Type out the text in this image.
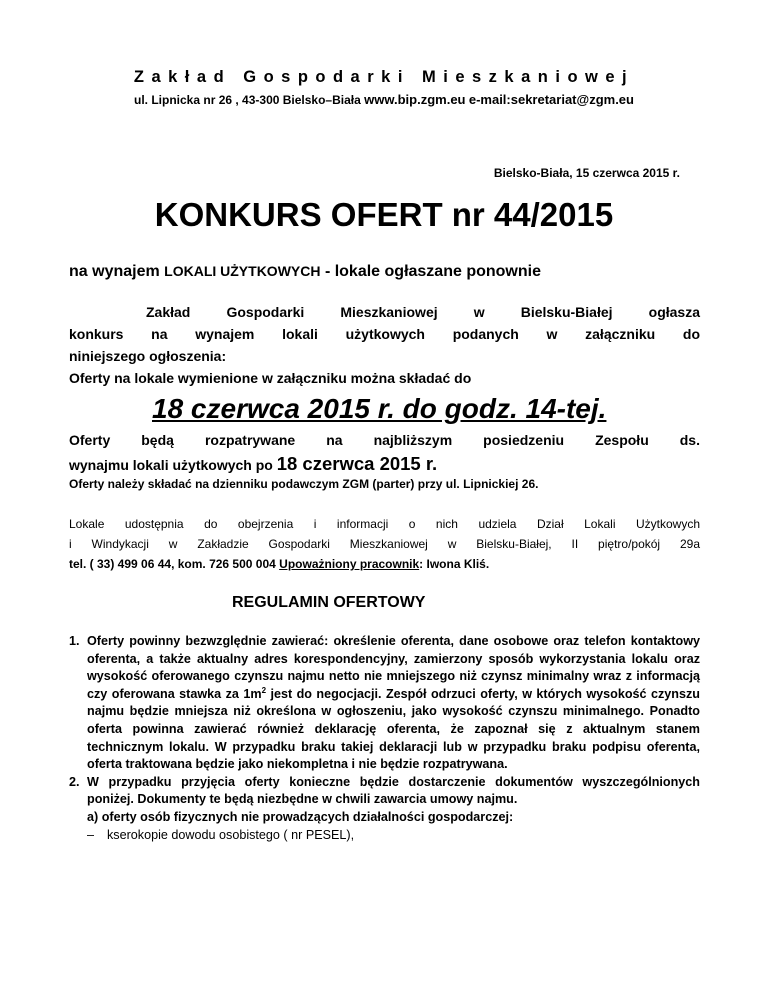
Zakład Gospodarki Mieszkaniowej
ul. Lipnicka nr 26 , 43-300 Bielsko–Biała www.bip.zgm.eu e-mail:sekretariat@zgm.eu
Bielsko-Biała, 15 czerwca 2015 r.
KONKURS OFERT nr 44/2015
na wynajem LOKALI UŻYTKOWYCH - lokale ogłaszane ponownie

Zakład Gospodarki Mieszkaniowej w Bielsku-Białej ogłasza

konkurs na wynajem lokali użytkowych podanych w załączniku do

niniejszego ogłoszenia:

Oferty na lokale wymienione w załączniku można składać do

18 czerwca 2015 r. do godz. 14-tej.

Oferty będą rozpatrywane na najbliższym posiedzeniu Zespołu ds.

wynajmu lokali użytkowych po 18 czerwca 2015 r.

Oferty należy składać na dzienniku podawczym ZGM (parter) przy ul. Lipnickiej 26.

Lokale udostępnia do obejrzenia i informacji o nich udziela Dział Lokali Użytkowych

i Windykacji w Zakładzie Gospodarki Mieszkaniowej w Bielsku-Białej, II piętro/pokój 29a

tel. ( 33) 499 06 44, kom. 726 500 004 Upoważniony pracownik: Iwona Kliś.

REGULAMIN OFERTOWY
1. Oferty powinny bezwzględnie zawierać: określenie oferenta, dane osobowe oraz telefon kontaktowy oferenta, a także aktualny adres korespondencyjny, zamierzony sposób wykorzystania lokalu oraz wysokość oferowanego czynszu najmu netto nie mniejszego niż czynsz minimalny wraz z informacją czy oferowana stawka za $1m^2$ jest do negocjacji. Zespół odrzuci oferty, w których wysokość czynszu najmu będzie mniejsza niż określona w ogłoszeniu, jako wysokość czynszu minimalnego. Ponadto oferta powinna zawierać również deklarację oferenta, że zapoznał się z aktualnym stanem technicznym lokalu. W przypadku braku takiej deklaracji lub w przypadku braku podpisu oferenta, oferta traktowana będzie jako niekompletna i nie będzie rozpatrywana.
2. W przypadku przyjęcia oferty konieczne będzie dostarczenie dokumentów wyszczególnionych poniżej. Dokumenty te będą niezbędne w chwili zawarcia umowy najmu.
a) oferty osób fizycznych nie prowadzących działalności gospodarczej:
– kserokopie dowodu osobistego ( nr PESEL),
